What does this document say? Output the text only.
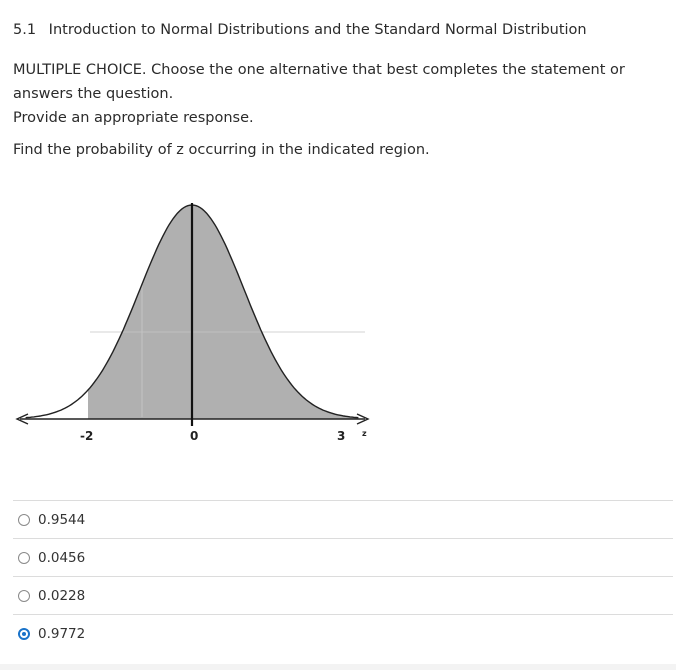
5.1 Introduction to Normal Distributions and the Standard Normal Distribution
MULTIPLE CHOICE. Choose the one alternative that best completes the statement or answers the question.
Provide an appropriate response.
Find the probability of z occurring in the indicated region.
-2	0	3 z
0.9544
0.0456
0.0228
0.9772
